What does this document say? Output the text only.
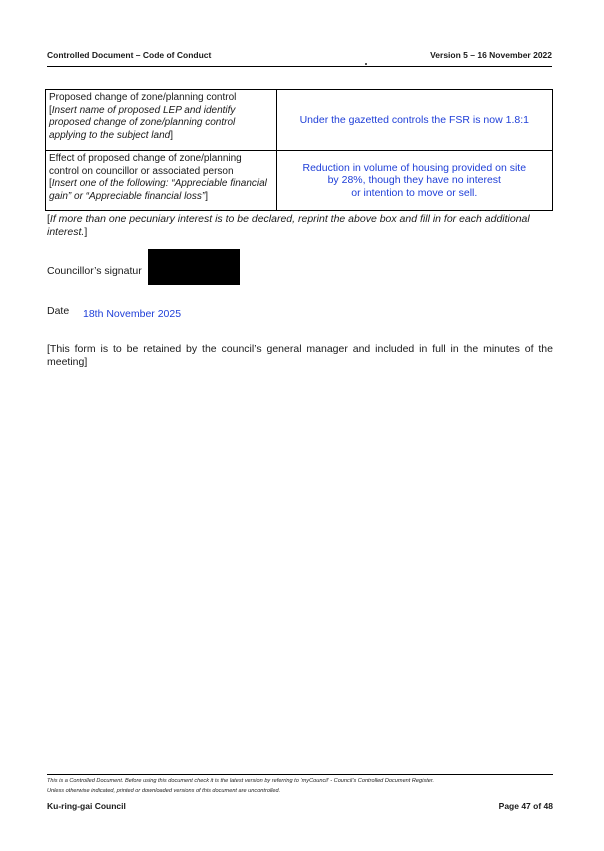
Controlled Document – Code of Conduct	Version 5 – 16 November 2022
Proposed change of zone/planning control
[Insert name of proposed LEP and identify proposed change of zone/planning control applying to the subject land]	Under the gazetted controls the FSR is now 1.8:1
Effect of proposed change of zone/planning control on councillor or associated person
[Insert one of the following: “Appreciable financial gain” or “Appreciable financial loss”]	Reduction in volume of housing provided on site
by 28%, though they have no interest
or intention to move or sell.
[If more than one pecuniary interest is to be declared, reprint the above box and fill in for each additional interest.]
Councillor’s signatur
Date 18th November 2025
[This form is to be retained by the council’s general manager and included in full in the minutes of the meeting]
This is a Controlled Document. Before using this document check it is the latest version by referring to ‘myCouncil’ - Council’s Controlled Document Register.
Unless otherwise indicated, printed or downloaded versions of this document are uncontrolled.
Ku-ring-gai Council	Page 47 of 48
